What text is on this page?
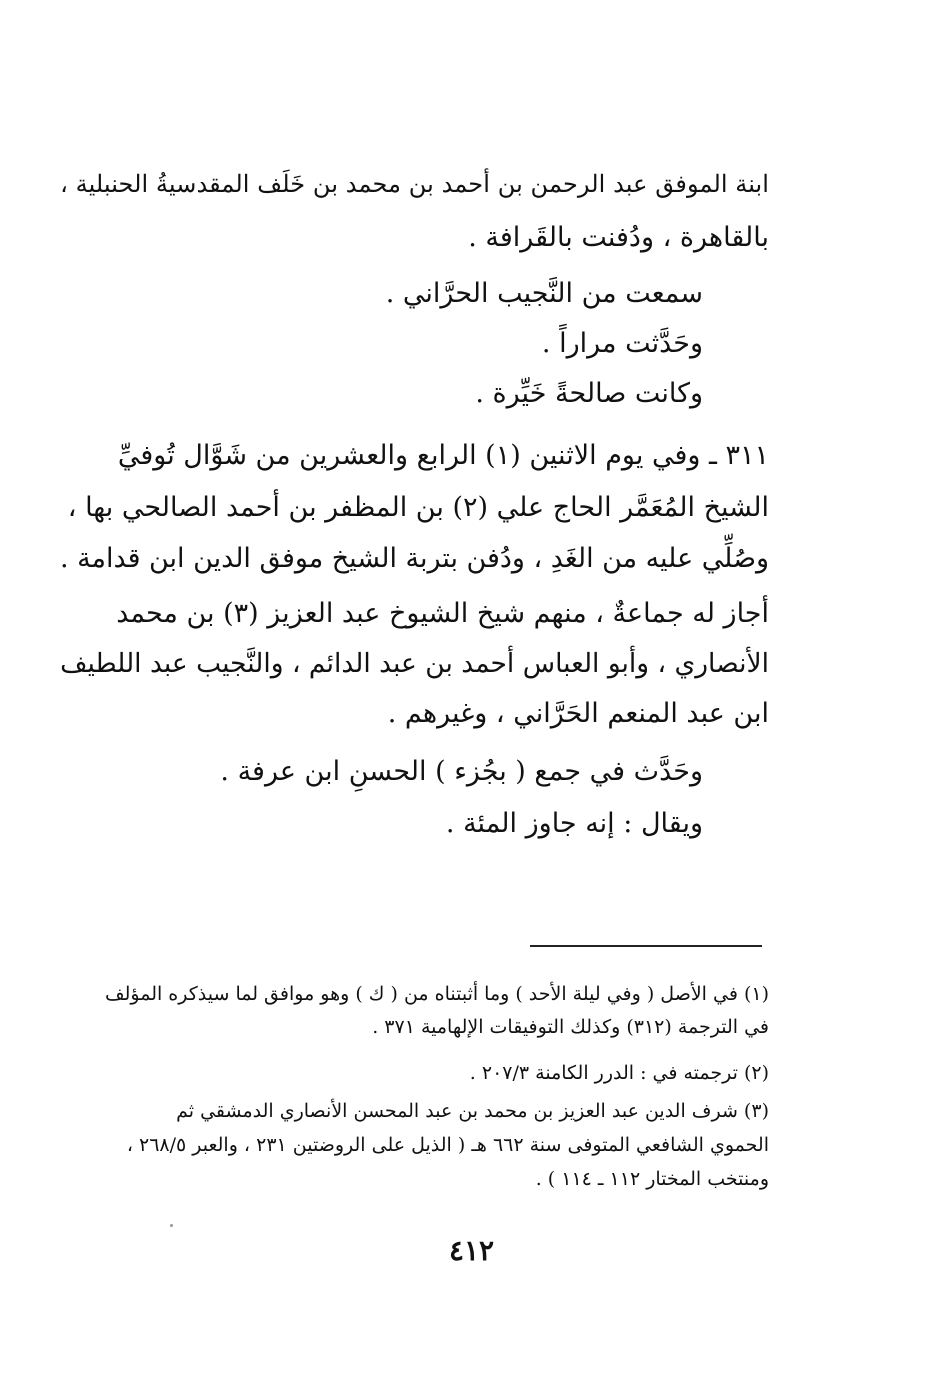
ابنة الموفق عبد الرحمن بن أحمد بن محمد بن خَلَف المقدسيةُ الحنبلية ،
بالقاهرة ، ودُفنت بالقَرافة .
سمعت من النَّجيب الحرَّاني .
وحَدَّثت مراراً .
وكانت صالحةً خَيِّرة .
٣١١ ـ وفي يوم الاثنين (١) الرابع والعشرين من شَوَّال تُوفيِّ
الشيخ المُعَمَّر الحاج علي (٢) بن المظفر بن أحمد الصالحي بها ،
وصُلِّي عليه من الغَدِ ، ودُفن بتربة الشيخ موفق الدين ابن قدامة .
أجاز له جماعةٌ ، منهم شيخ الشيوخ عبد العزيز (٣) بن محمد
الأنصاري ، وأبو العباس أحمد بن عبد الدائم ، والنَّجيب عبد اللطيف
ابن عبد المنعم الحَرَّاني ، وغيرهم .
وحَدَّث في جمع ( بجُزء ) الحسنِ ابن عرفة .
ويقال : إنه جاوز المئة .
(١) في الأصل ( وفي ليلة الأحد ) وما أثبتناه من ( ك ) وهو موافق لما سيذكره المؤلف
في الترجمة (٣١٢) وكذلك التوفيقات الإلهامية ٣٧١ .
(٢) ترجمته في : الدرر الكامنة ٢٠٧/٣ .
(٣) شرف الدين عبد العزيز بن محمد بن عبد المحسن الأنصاري الدمشقي ثم
الحموي الشافعي المتوفى سنة ٦٦٢ هـ ( الذيل على الروضتين ٢٣١ ، والعبر ٢٦٨/٥ ،
ومنتخب المختار ١١٢ ـ ١١٤ ) .
٤١٢
